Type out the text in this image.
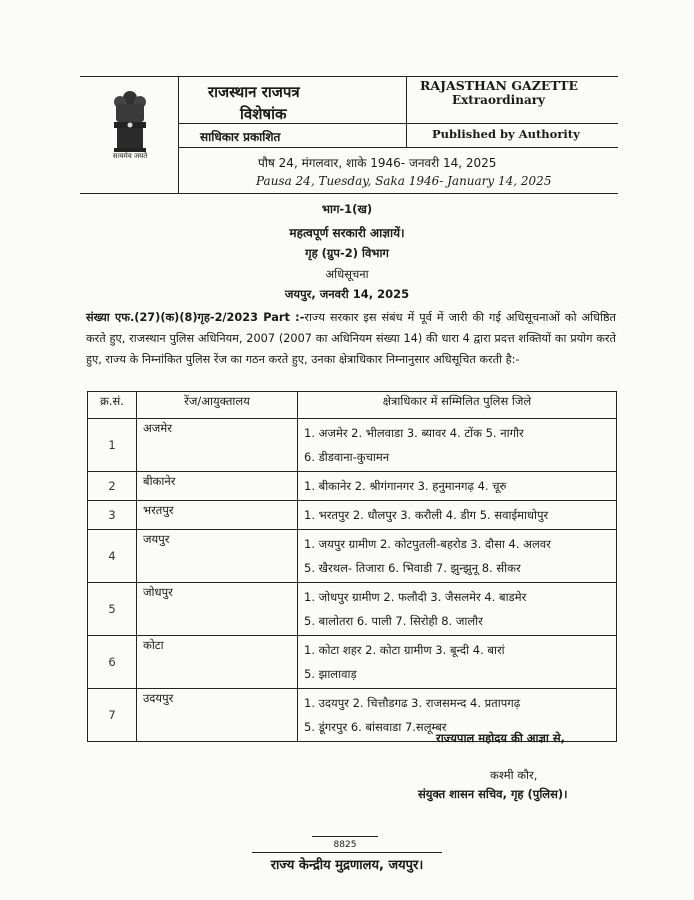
सत्यमेव जयते
राजस्थान राजपत्र
विशेषांक
RAJASTHAN GAZETTE
Extraordinary
साधिकार प्रकाशित	Published by Authority
पौष 24, मंगलवार, शाके 1946- जनवरी 14, 2025
Pausa 24, Tuesday, Saka 1946- January 14, 2025
भाग-1(ख)
महत्वपूर्ण सरकारी आज्ञायें।
गृह (ग्रुप-2) विभाग
अधिसूचना
जयपुर, जनवरी 14, 2025
संख्या एफ.(27)(क)(8)गृह-2/2023 Part :-राज्य सरकार इस संबंध में पूर्व में जारी की गई अधिसूचनाओं को अधिष्ठित करते हुए, राजस्थान पुलिस अधिनियम, 2007 (2007 का अधिनियम संख्या 14) की धारा 4 द्वारा प्रदत्त शक्तियों का प्रयोग करते हुए, राज्य के निम्नांकित पुलिस रेंज का गठन करते हुए, उनका क्षेत्राधिकार निम्नानुसार अधिसूचित करती है:-
क्र.सं.	रेंज/आयुक्तालय	क्षेत्राधिकार में सम्मिलित पुलिस जिले
1	अजमेर	1. अजमेर 2. भीलवाडा 3. ब्यावर 4. टोंक 5. नागौर
6. डीडवाना-कुचामन

2	बीकानेर	1. बीकानेर 2. श्रीगंगानगर 3. हनुमानगढ़ 4. चूरु

3	भरतपुर	1. भरतपुर 2. धौलपुर 3. करौली 4. डीग 5. सवाईमाधोपुर

4	जयपुर	1. जयपुर ग्रामीण 2. कोटपुतली-बहरोड 3. दौसा 4. अलवर
5. खैरथल- तिजारा 6. भिवाडी 7. झुन्झुनू 8. सीकर

5	जोधपुर	1. जोधपुर ग्रामीण 2. फलौदी 3. जैसलमेर 4. बाडमेर
5. बालोतरा 6. पाली 7. सिरोही 8. जालौर

6	कोटा	1. कोटा शहर 2. कोटा ग्रामीण 3. बून्दी 4. बारां
5. झालावाड़

7	उदयपुर	1. उदयपुर 2. चित्तौडगढ 3. राजसमन्द 4. प्रतापगढ़
5. डूंगरपुर 6. बांसवाडा 7.सलूम्बर
राज्यपाल महोदय की आज्ञा से,
कश्मी कौर,
संयुक्त शासन सचिव, गृह (पुलिस)।
8825
राज्य केन्द्रीय मुद्रणालय, जयपुर।
